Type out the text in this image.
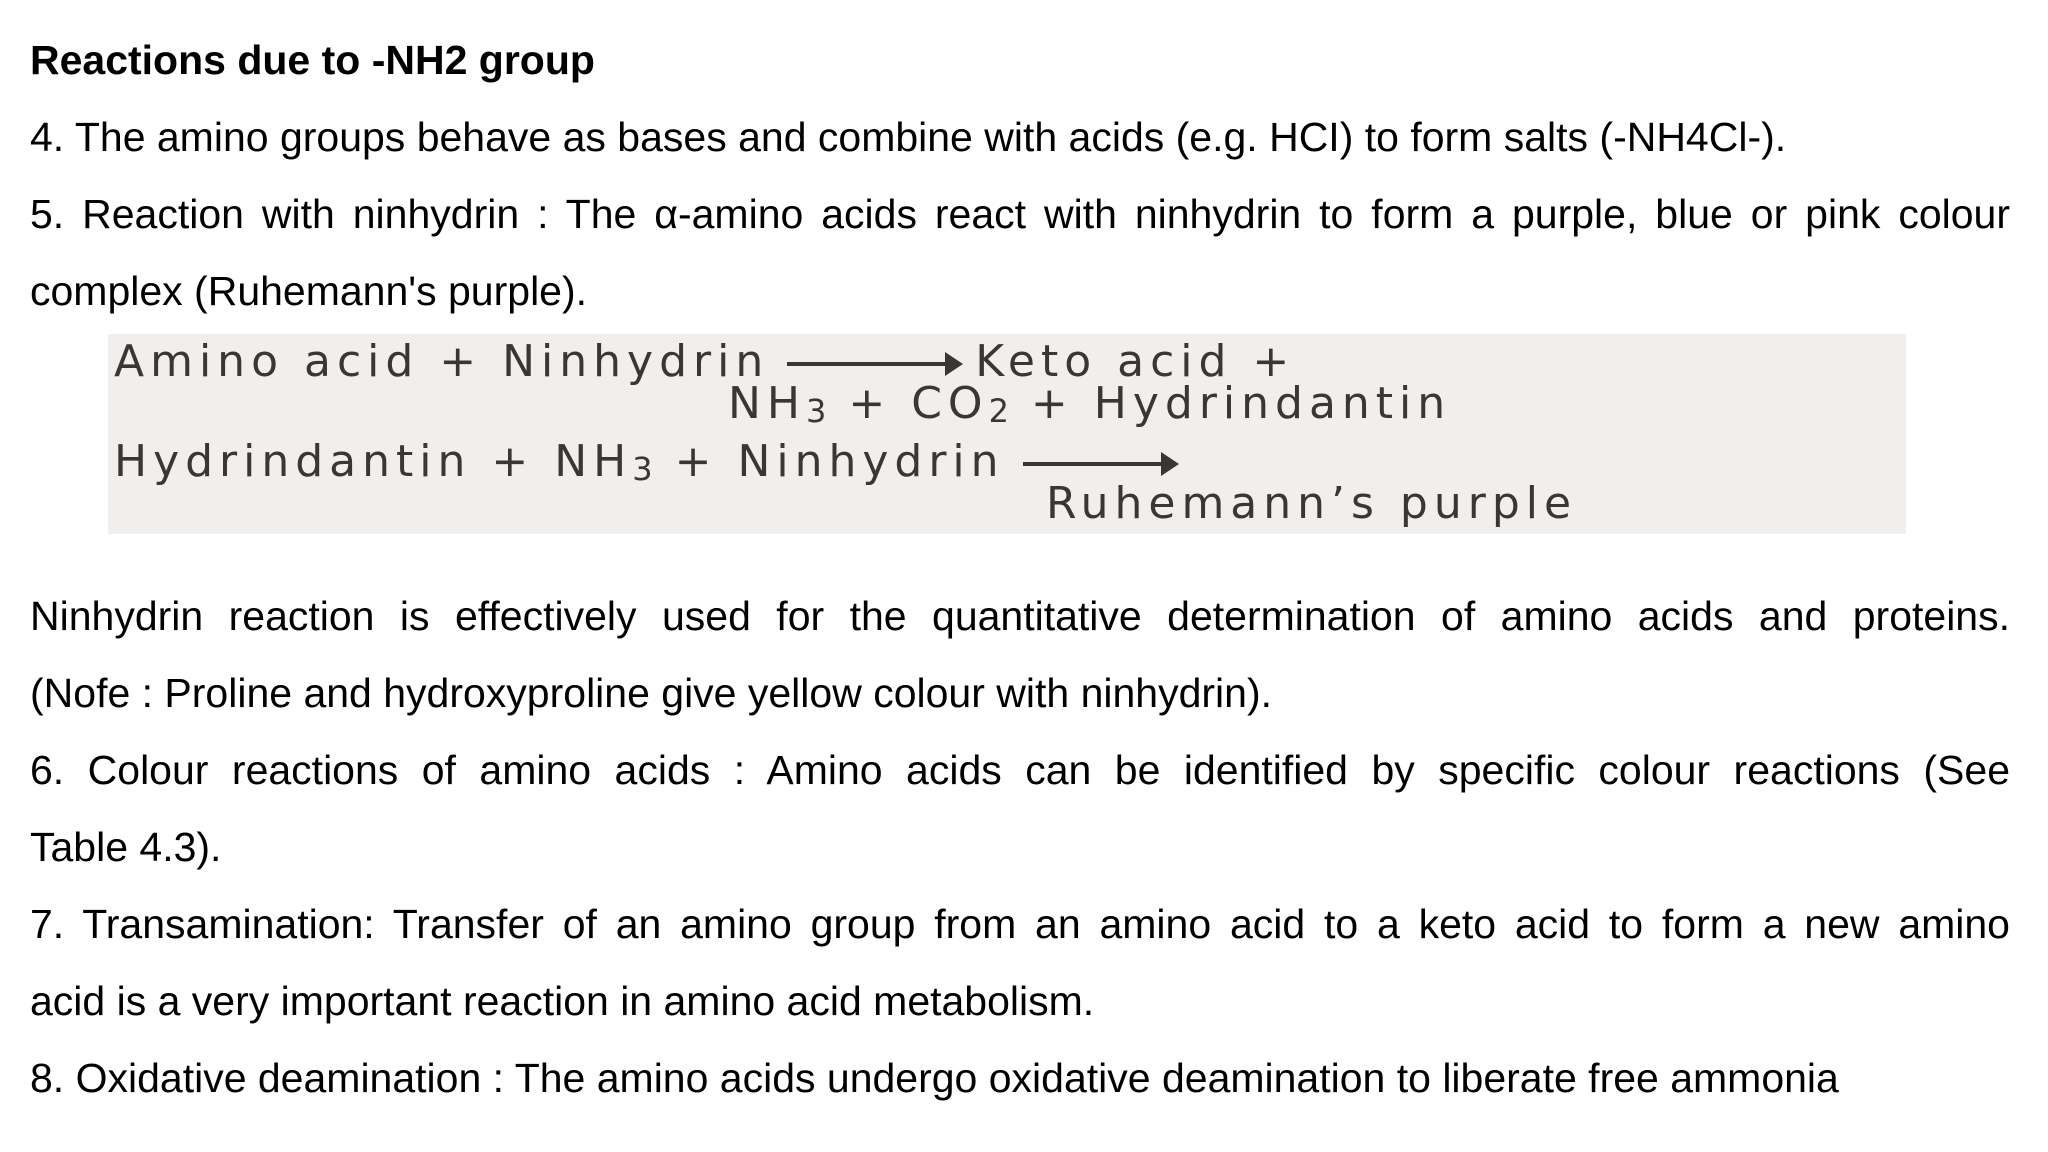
Reactions due to -NH2 group
4. The amino groups behave as bases and combine with acids (e.g. HCI) to form salts (-NH4Cl-).
5. Reaction with ninhydrin : The α-amino acids react with ninhydrin to form a purple, blue or pink colour
complex (Ruhemann's purple).
Amino acid + Ninhydrin → Keto acid +
NH3 + CO2 + Hydrindantin
Hydrindantin + NH3 + Ninhydrin →
Ruhemann’s purple
Ninhydrin reaction is effectively used for the quantitative determination of amino acids and proteins.
(Nofe : Proline and hydroxyproline give yellow colour with ninhydrin).
6. Colour reactions of amino acids : Amino acids can be identified by specific colour reactions (See
Table 4.3).
7. Transamination: Transfer of an amino group from an amino acid to a keto acid to form a new amino
acid is a very important reaction in amino acid metabolism.
8. Oxidative deamination : The amino acids undergo oxidative deamination to liberate free ammonia
